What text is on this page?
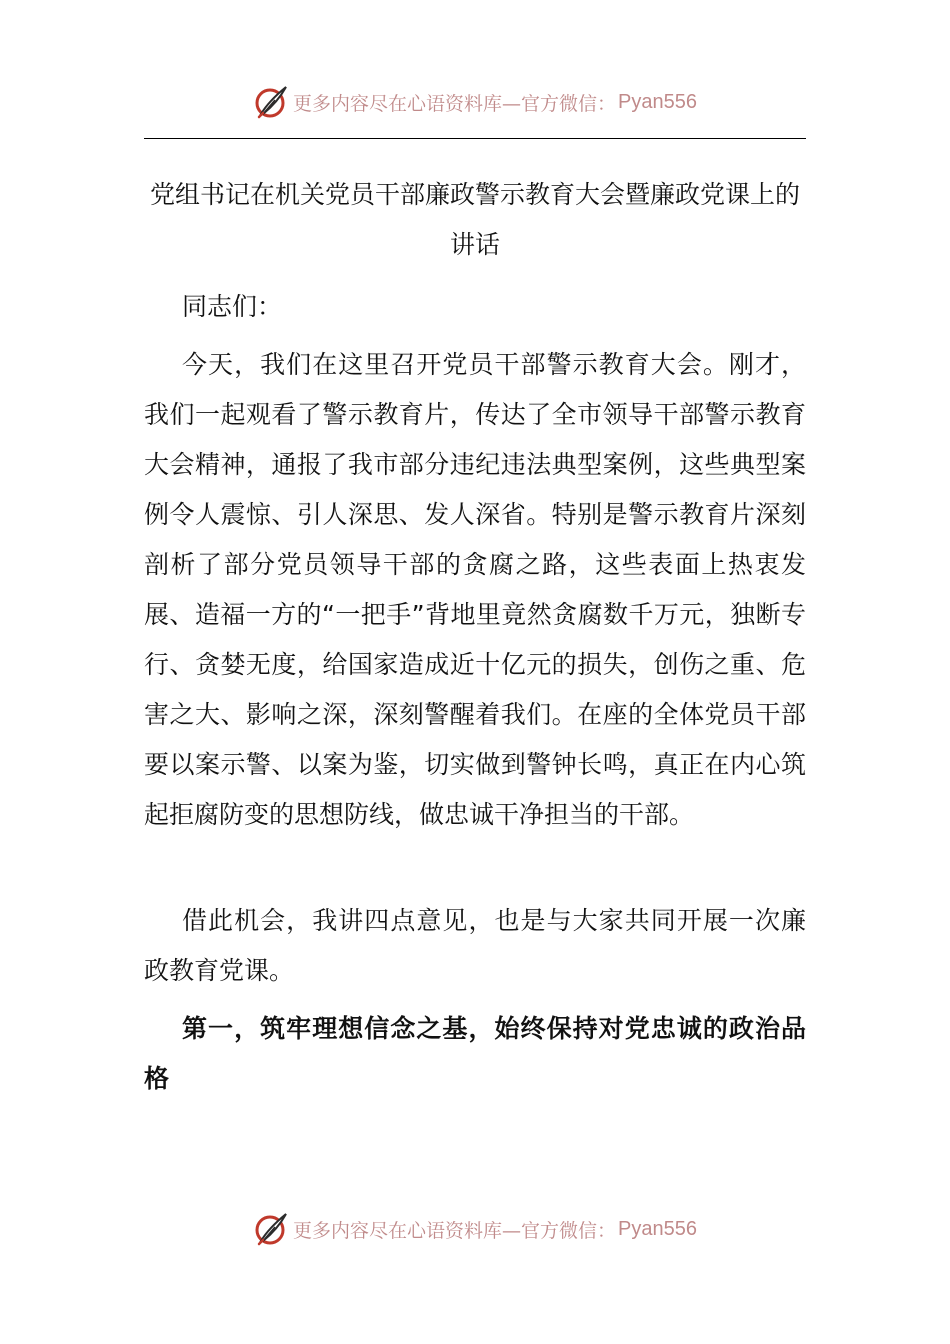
更多内容尽在心语资料库—官方微信： Pyan556
党组书记在机关党员干部廉政警示教育大会暨廉政党课上的讲话
同志们：
今天，我们在这里召开党员干部警示教育大会。刚才，我们一起观看了警示教育片，传达了全市领导干部警示教育大会精神，通报了我市部分违纪违法典型案例，这些典型案例令人震惊、引人深思、发人深省。特别是警示教育片深刻剖析了部分党员领导干部的贪腐之路，这些表面上热衷发展、造福一方的“一把手”背地里竟然贪腐数千万元，独断专行、贪婪无度，给国家造成近十亿元的损失，创伤之重、危害之大、影响之深，深刻警醒着我们。在座的全体党员干部要以案示警、以案为鉴，切实做到警钟长鸣，真正在内心筑起拒腐防变的思想防线，做忠诚干净担当的干部。
借此机会，我讲四点意见，也是与大家共同开展一次廉政教育党课。
第一，筑牢理想信念之基，始终保持对党忠诚的政治品格
更多内容尽在心语资料库—官方微信： Pyan556
